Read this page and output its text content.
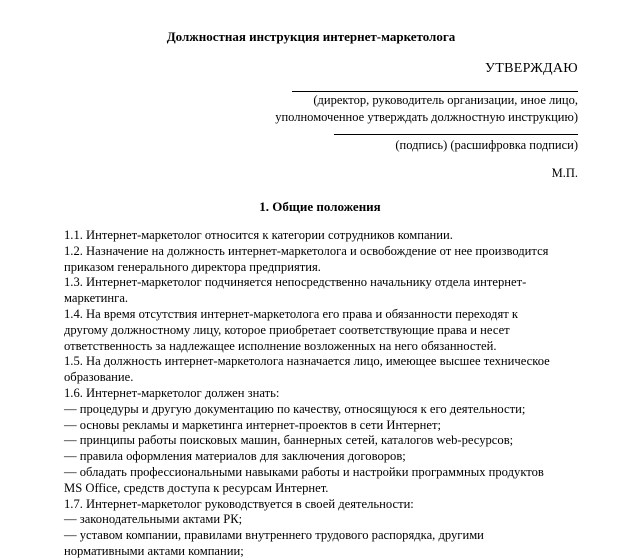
Должностная инструкция интернет-маркетолога
УТВЕРЖДАЮ
(директор, руководитель организации, иное лицо,
уполномоченное утверждать должностную инструкцию)
(подпись) (расшифровка подписи)
М.П.
1. Общие положения
1.1. Интернет-маркетолог относится к категории сотрудников компании.
1.2. Назначение на должность интернет-маркетолога и освобождение от нее производится
приказом генерального директора предприятия.
1.3. Интернет-маркетолог подчиняется непосредственно начальнику отдела интернет-
маркетинга.
1.4. На время отсутствия интернет-маркетолога его права и обязанности переходят к
другому должностному лицу, которое приобретает соответствующие права и несет
ответственность за надлежащее исполнение возложенных на него обязанностей.
1.5. На должность интернет-маркетолога назначается лицо, имеющее высшее техническое
образование.
1.6. Интернет-маркетолог должен знать:
— процедуры и другую документацию по качеству, относящуюся к его деятельности;
— основы рекламы и маркетинга интернет-проектов в сети Интернет;
— принципы работы поисковых машин, баннерных сетей, каталогов web-ресурсов;
— правила оформления материалов для заключения договоров;
— обладать профессиональными навыками работы и настройки программных продуктов
MS Office, средств доступа к ресурсам Интернет.
1.7. Интернет-маркетолог руководствуется в своей деятельности:
— законодательными актами РК;
— уставом компании, правилами внутреннего трудового распорядка, другими
нормативными актами компании;
